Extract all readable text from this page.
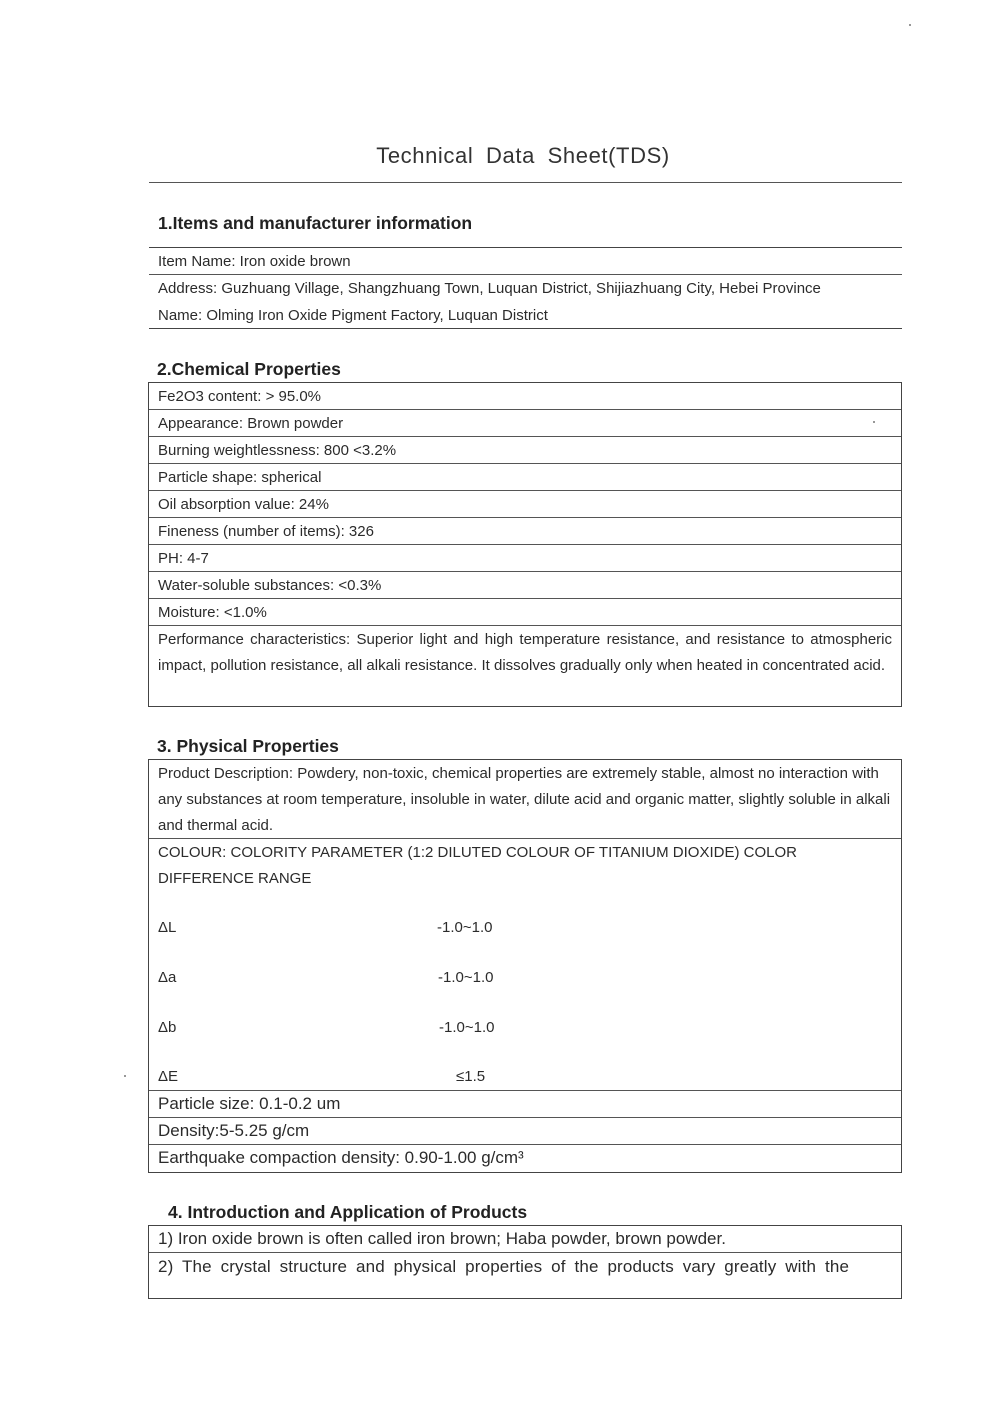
Technical Data Sheet(TDS)
1.Items and manufacturer information
Item Name: Iron oxide brown
Address: Guzhuang Village, Shangzhuang Town, Luquan District, Shijiazhuang City, Hebei Province
Name: Olming Iron Oxide Pigment Factory, Luquan District
2.Chemical Properties
Fe2O3 content: > 95.0%
Appearance: Brown powder
Burning weightlessness: 800 <3.2%
Particle shape: spherical
Oil absorption value: 24%
Fineness (number of items): 326
PH: 4-7
Water-soluble substances: <0.3%
Moisture: <1.0%
Performance characteristics: Superior light and high temperature resistance, and resistance to atmospheric impact, pollution resistance, all alkali resistance. It dissolves gradually only when heated in concentrated acid.
3. Physical Properties
Product Description: Powdery, non-toxic, chemical properties are extremely stable, almost no interaction with any substances at room temperature, insoluble in water, dilute acid and organic matter, slightly soluble in alkali and thermal acid.
COLOUR: COLORITY PARAMETER (1:2 DILUTED COLOUR OF TITANIUM DIOXIDE) COLOR DIFFERENCE RANGE
ΔL	-1.0~1.0
Δa	-1.0~1.0
Δb	-1.0~1.0
ΔE	≤1.5
Particle size: 0.1-0.2 um
Density:5-5.25 g/cm
Earthquake compaction density: 0.90-1.00 g/cm³
4. Introduction and Application of Products
1) Iron oxide brown is often called iron brown; Haba powder, brown powder.
2) The crystal structure and physical properties of the products vary greatly with the
